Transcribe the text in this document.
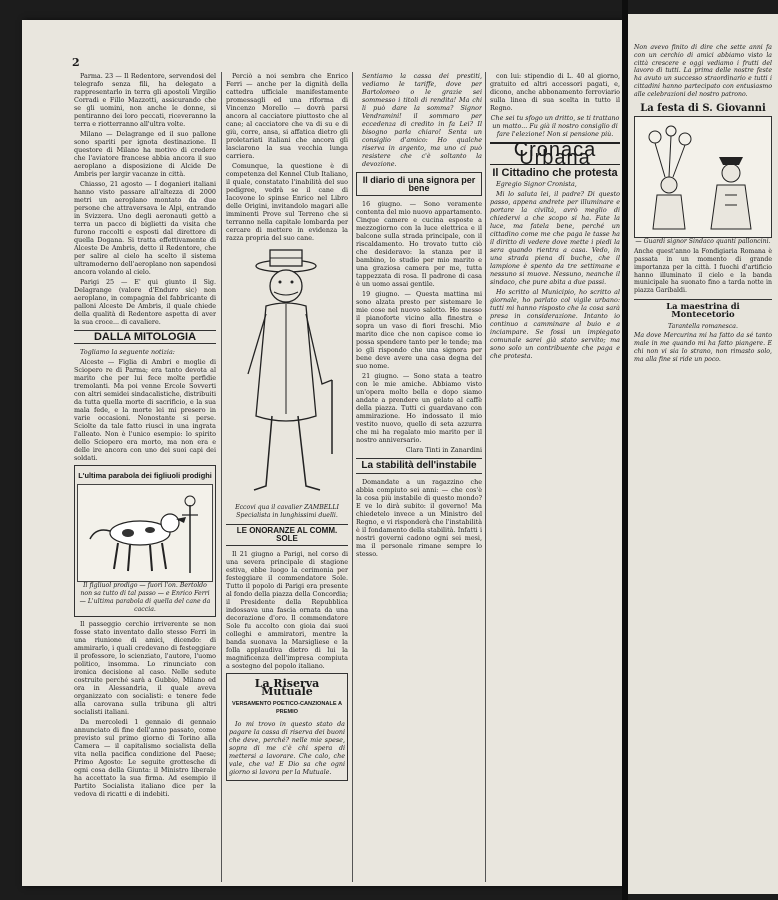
2

Parma. 23 — Il Redentore, servendosi del telegrafo senza fili, ha delegato a rappresentarlo in terra gli apostoli Virgilio Corradi e Fillo Mazzotti, assicurando che se gli uomini, non anche le donne, si pentiranno dei loro peccati, riceveranno la terra e riotterranno all'ultra volte.

Milano — Delagrange ed il suo pallone sono spariti per ignota destinazione. Il questore di Milano ha motivo di credere che l'aviatore francese abbia ancora il suo aeroplano a disposizione di Alcide De Ambris per largir vacanze in città.

Chiasso, 21 agosto — I doganieri italiani hanno visto passare all'altezza di 2000 metri un aeroplano montato da due persone che attraversava le Alpi, entrando in Svizzera. Uno degli aeronauti gettò a terra un pacco di biglietti da visita che furono raccolti e esposti dal direttore di quella Dogana. Si tratta effettivamente di Alceste De Ambris, detto il Redentore, che per salire al cielo ha scelto il sistema ultramoderno dell'aeroplano non sapendosi ancora volando al cielo.

Parigi 25 — E' qui giunto il Sig. Delagrange (valore d'Enduro sic) non aeroplano, in compagnia del fabbricante di palloni Alceste De Ambris, il quale chiede della qualità di Redentore aspetta di aver la sua croce... di cavaliere.

DALLA MITOLOGIA

Togliamo la seguente notizia:

Alceste — Figlia di Ambri e moglie di Sciopero re di Parma; era tanto devota al marito che per lui fece molte perfidie tremolanti. Ma poi venne Ercole Sovverti con altri semidei sindacalistiche, distribuiti da tutta quella morte di sacrificio, e la sua mala fede, e la morte lei mi presero in varie occasioni. Nonostante si perse. Sciolte da tale fatto riuscì in una ingrata l'alleato. Non è l'unico esempio: lo spirito dello Sciopero era morto, ma non era e delle ire ancora con uno dei suoi capi dei soldati.

L'ultima parabola dei figliuoli prodighi
Il figliuol prodigo — fuori l'on. Bertoldo non sa tutto di tal passo — e Enrico Ferri — L'ultima parabola di quella del cane da caccia.

Il passeggio cerchio irriverente se non fosse stato inventato dallo stesso Ferri in una riunione di amici, dicendo: di ammirarlo, i quali credevano di festeggiare il professore, lo scienziato, l'autore, l'uomo politico, insomma. Lo rinunciato con ironica decisione al caso. Nelle sedute costruite perché sarà a Gubbio, Milano ed ora in Alessandria, il quale aveva organizzato con socialisti: e tenere fede alla carovana sulla tribuna gli altri socialisti italiani.

Da mercoledì 1 gennaio di gennaio annunciato di fine dell'anno passato, come previsto sul primo giorno di Torino alla Camera — il capitalismo socialista della vita nella pacifica condizione del Paese; Primo Agosto: Le seguite grottesche di ogni cosa della Giunta: il Ministro liberale ha accettato la sua firma. Ad esempio il Partito Socialista italiano dice per la vedova di ricatti e di indebiti.

Perciò a noi sembra che Enrico Ferri — anche per la dignità della cattedra ufficiale manifestamente promessagli ed una riforma di Vincenzo Morello — dovrà parsi ancora al cacciatore piuttosto che al cane; al cacciatore che va di su e di giù, corre, ansa, si affatica dietro gli proletariati italiani che ancora gli lasciarono la sua vecchia lunga carriera.

Comunque, la questione è di competenza del Kennel Club Italiano, il quale, constatato l'inabilità del suo pedigree, vedrà se il cane di Iacovone lo spinse Enrico nel Libro delle Origini, invitandolo magari alle imminenti Prove sul Terreno che si terranno nella capitale lombarda per cercare di mettere in evidenza la razza propria del suo cane.

Eccovi qua il cavalier ZAMBELLI Specialista in lunghissimi duelli.
LE ONORANZE AL COMM. SOLE

Il 21 giugno a Parigi, nel corso di una severa principale di stagione estiva, ebbe luogo la cerimonia per festeggiare il commendatore Sole. Tutto il popolo di Parigi era presente al fondo della piazza della Concordia; il Presidente della Repubblica indossava una fascia ornata da una decorazione d'oro. Il commendatore Sole fu accolto con gioia dai suoi colleghi e ammiratori, mentre la banda suonava la Marsigliese e la folla applaudiva dietro di lui la magnificenza dell'impresa compiuta a sostegno del popolo italiano.

La Riserva Mutuale
VERSAMENTO POETICO-CANZIONALE A PREMIO

Io mi trovo in questo stato da pagare la cassa di riserva dei buoni che deve, perché? nelle mie spese, sopra di me c'è chi spera di mettersi a lavorare. Che calo, che vale, che va! E Dio sa che ogni giorno si lavora per la Mutuale.

Sentiamo la cassa dei prestiti, vediamo le tariffe, dove per Bartolomeo o le grazie sei sommesso i titoli di rendita! Ma chi li può dare la somma? Signor Vendramini! il sommaro per eccedenza di credito in fa Lei? Il bisogno parla chiaro! Senta un consiglio d'amico: Ho qualche riserva in argento, ma uno ci può resistere che c'è soltanto la devozione.

Il diario di una signora per bene

16 giugno. — Sono veramente contenta del mio nuovo appartamento. Cinque camere e cucina esposte a mezzogiorno con la luce elettrica e il balcone sulla strada principale, con il riscaldamento. Ho trovato tutto ciò che desideravo: la stanza per il bambino, lo studio per mio marito e una graziosa camera per me, tutta tappezzata di rosa. Il padrone di casa è un uomo assai gentile.

19 giugno. — Questa mattina mi sono alzata presto per sistemare le mie cose nel nuovo salotto. Ho messo il pianoforte vicino alla finestra e sopra un vaso di fiori freschi. Mio marito dice che non capisce come io possa spendere tanto per le tende; ma io gli rispondo che una signora per bene deve avere una casa degna del suo nome.

21 giugno. — Sono stata a teatro con le mie amiche. Abbiamo visto un'opera molto bella e dopo siamo andate a prendere un gelato al caffè della piazza. Tutti ci guardavano con ammirazione. Ho indossato il mio vestito nuovo, quello di seta azzurra che mi ha regalato mio marito per il nostro anniversario.

Clara Tinti in Zanardini

La stabilità dell'instabile

Domandate a un ragazzino che abbia compiuto sei anni: — che cos'è la cosa più instabile di questo mondo? E ve lo dirà subito: il governo! Ma chiedetelo invece a un Ministro del Regno, e vi risponderà che l'instabilità è il fondamento della stabilità. Infatti i nostri governi cadono ogni sei mesi, ma il personale rimane sempre lo stesso.

con lui: stipendio di L. 40 al giorno, gratuito ed altri accessori pagati, e, dicono, anche abbonamento ferroviario sulla linea di sua scelta in tutto il Regno.

Che sei tu sfogo un dritto, se ti trattano un matto... Fu già il nostro consiglio di fare l'elezione! Non si pensione più.

Cronaca Urbana
Il Cittadino che protesta

Egregio Signor Cronista,

Mi lo saluta lei, il padre? Di questo passo, appena andrete per illuminare e portare la civiltà, avrò meglio di chiedervi a che scopo si ha. Fate la luce, ma fatela bene, perché un cittadino come me che paga le tasse ha il diritto di vedere dove mette i piedi la sera quando rientra a casa. Vedo, in una strada piena di buche, che il lampione è spento da tre settimane e nessuno si muove. Nessuno, neanche il sindaco, che pure abita a due passi.

Ho scritto al Municipio, ho scritto al giornale, ho parlato col vigile urbano: tutti mi hanno risposto che la cosa sarà presa in considerazione. Intanto io continuo a camminare al buio e a inciampare. Se fossi un impiegato comunale sarei già stato servito; ma sono solo un contribuente che paga e che protesta.

Non avevo finito di dire che sette anni fa con un cerchio di amici abbiamo visto la città crescere e oggi vediamo i frutti del lavoro di tutti. La prima delle nostre feste ha avuto un successo straordinario e tutti i cittadini hanno partecipato con entusiasmo alle celebrazioni del nostro patrono.

La festa di S. Giovanni

— Guardi signor Sindaco quanti palloncini.

Anche quest'anno la Fondigiaria Romana è passata in un momento di grande importanza per la città. I fuochi d'artificio hanno illuminato il cielo e la banda municipale ha suonato fino a tarda notte in piazza Garibaldi.

La maestrina di Montecetorio

Tarantella romanesca.

Ma dove Mercurina mi ha fatto da sé tanto male in me quando mi ha fatto piangere. E chi non vi sia lo strano, non rimasto solo, ma alla fine si ride un poco.
